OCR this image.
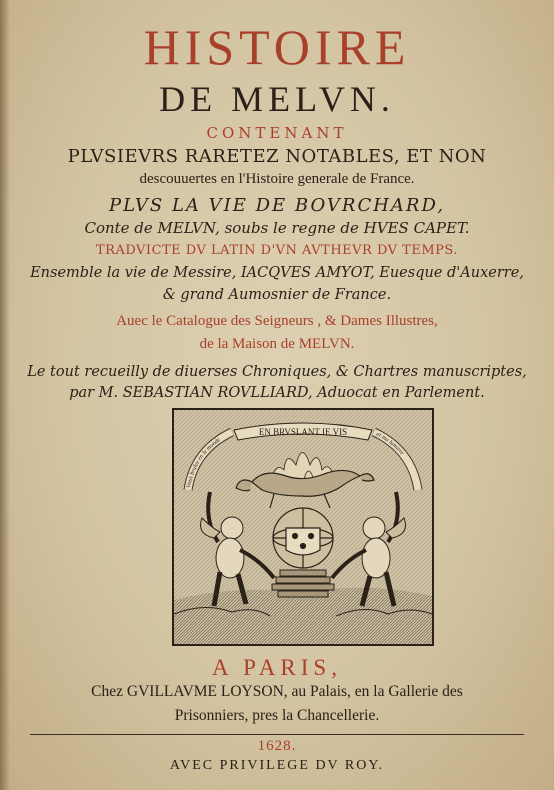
HISTOIRE
DE MELVN.
CONTENANT
PLVSIEVRS RARETEZ NOTABLES, ET NON
descouuertes en l'Histoire generale de France.
PLVS LA VIE DE BOVRCHARD,
Conte de MELVN, soubs le regne de HVES CAPET.
TRADVICTE DV LATIN D'VN AVTHEVR DV TEMPS.
Ensemble la vie de Messire, IACQVES AMYOT, Euesque d'Auxerre,
& grand Aumosnier de France.
Auec le Catalogue des Seigneurs , & Dames Illustres,
de la Maison de MELVN.
Le tout recueilly de diuerses Chroniques, & Chartres manuscriptes,
par M. SEBASTIAN ROVLLIARD, Aduocat en Parlement.
EN BRVSLANT IE VIS
Vous brulez en le monde
et ma lumiere
A PARIS,
Chez GVILLAVME LOYSON, au Palais, en la Gallerie des
Prisonniers, pres la Chancellerie.
1628.
AVEC PRIVILEGE DV ROY.
